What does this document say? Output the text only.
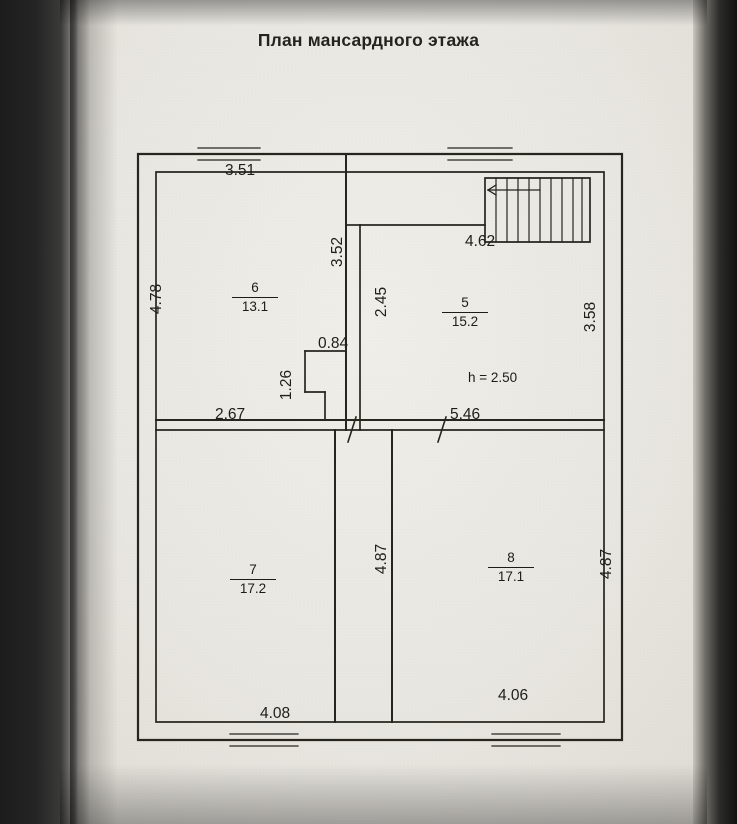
План мансардного этажа
3.51
4.62
4.78
3.52
2.45	3.58
0.84
1.26
2.67	5.46
4.87	4.87
4.08
4.06
h = 2.50
6
13.1	5
15.2
7
17.2
8
17.1
